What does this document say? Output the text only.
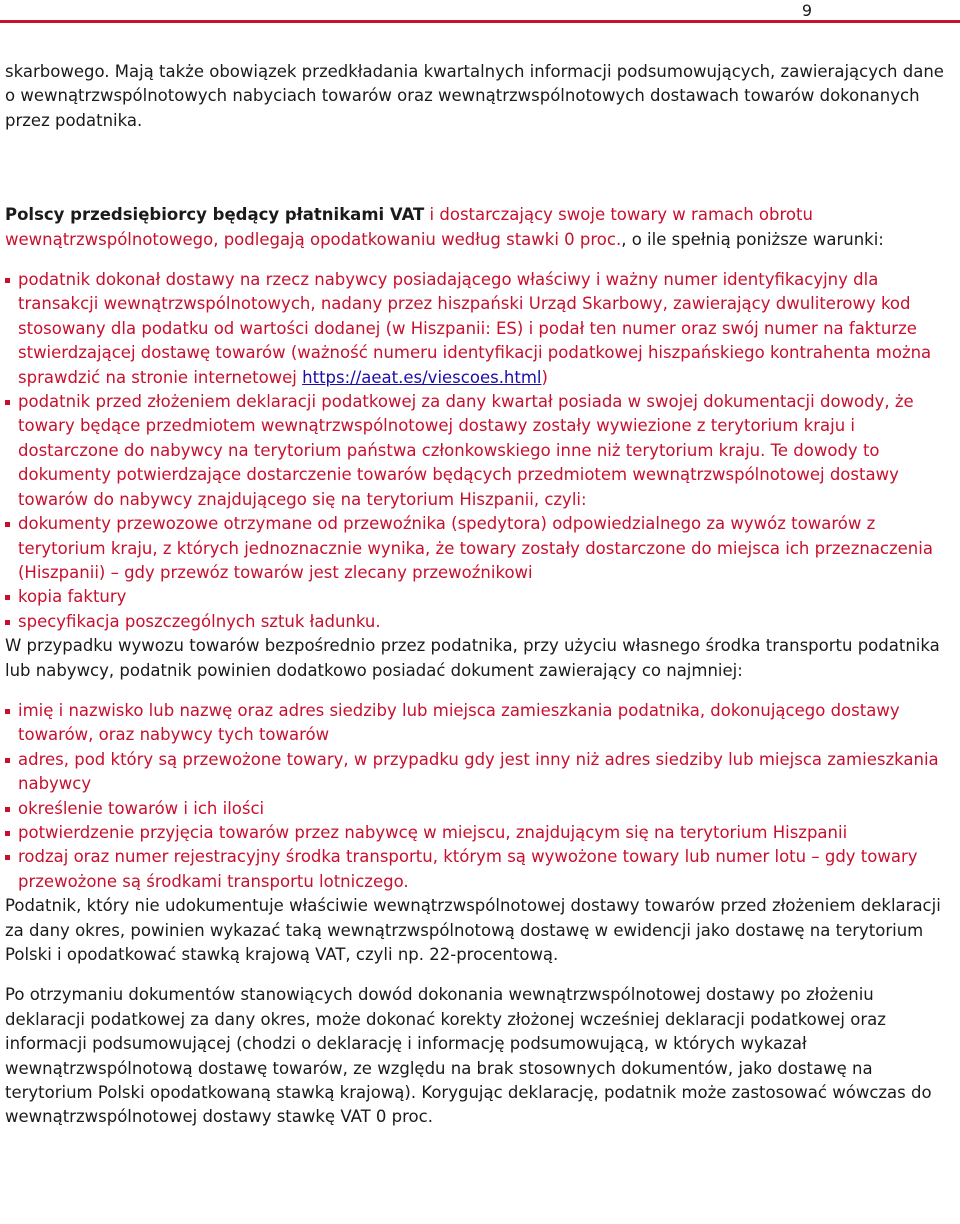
9

skarbowego. Mają także obowiązek przedkładania kwartalnych informacji podsumowujących, zawierających dane o wewnątrzwspólnotowych nabyciach towarów oraz wewnątrzwspólnotowych dostawach towarów dokonanych przez podatnika.

Polscy przedsiębiorcy będący płatnikami VAT i dostarczający swoje towary w ramach obrotu wewnątrzwspólnotowego, podlegają opodatkowaniu według stawki 0 proc., o ile spełnią poniższe warunki:

podatnik dokonał dostawy na rzecz nabywcy posiadającego właściwy i ważny numer identyfikacyjny dla transakcji wewnątrzwspólnotowych, nadany przez hiszpański Urząd Skarbowy, zawierający dwuliterowy kod stosowany dla podatku od wartości dodanej (w Hiszpanii: ES) i podał ten numer oraz swój numer na fakturze stwierdzającej dostawę towarów (ważność numeru identyfikacji podatkowej hiszpańskiego kontrahenta można sprawdzić na stronie internetowej https://aeat.es/viescoes.html)
podatnik przed złożeniem deklaracji podatkowej za dany kwartał posiada w swojej dokumentacji dowody, że towary będące przedmiotem wewnątrzwspólnotowej dostawy zostały wywiezione z terytorium kraju i dostarczone do nabywcy na terytorium państwa członkowskiego inne niż terytorium kraju. Te dowody to dokumenty potwierdzające dostarczenie towarów będących przedmiotem wewnątrzwspólnotowej dostawy towarów do nabywcy znajdującego się na terytorium Hiszpanii, czyli:
dokumenty przewozowe otrzymane od przewoźnika (spedytora) odpowiedzialnego za wywóz towarów z terytorium kraju, z których jednoznacznie wynika, że towary zostały dostarczone do miejsca ich przeznaczenia (Hiszpanii) – gdy przewóz towarów jest zlecany przewoźnikowi
kopia faktury
specyfikacja poszczególnych sztuk ładunku.

W przypadku wywozu towarów bezpośrednio przez podatnika, przy użyciu własnego środka transportu podatnika lub nabywcy, podatnik powinien dodatkowo posiadać dokument zawierający co najmniej:

imię i nazwisko lub nazwę oraz adres siedziby lub miejsca zamieszkania podatnika, dokonującego dostawy towarów, oraz nabywcy tych towarów
adres, pod który są przewożone towary, w przypadku gdy jest inny niż adres siedziby lub miejsca zamieszkania nabywcy
określenie towarów i ich ilości
potwierdzenie przyjęcia towarów przez nabywcę w miejscu, znajdującym się na terytorium Hiszpanii
rodzaj oraz numer rejestracyjny środka transportu, którym są wywożone towary lub numer lotu – gdy towary przewożone są środkami transportu lotniczego.

Podatnik, który nie udokumentuje właściwie wewnątrzwspólnotowej dostawy towarów przed złożeniem deklaracji za dany okres, powinien wykazać taką wewnątrzwspólnotową dostawę w ewidencji jako dostawę na terytorium Polski i opodatkować stawką krajową VAT, czyli np. 22-procentową.

Po otrzymaniu dokumentów stanowiących dowód dokonania wewnątrzwspólnotowej dostawy po złożeniu deklaracji podatkowej za dany okres, może dokonać korekty złożonej wcześniej deklaracji podatkowej oraz informacji podsumowującej (chodzi o deklarację i informację podsumowującą, w których wykazał wewnątrzwspólnotową dostawę towarów, ze względu na brak stosownych dokumentów, jako dostawę na terytorium Polski opodatkowaną stawką krajową). Korygując deklarację, podatnik może zastosować wówczas do wewnątrzwspólnotowej dostawy stawkę VAT 0 proc.
